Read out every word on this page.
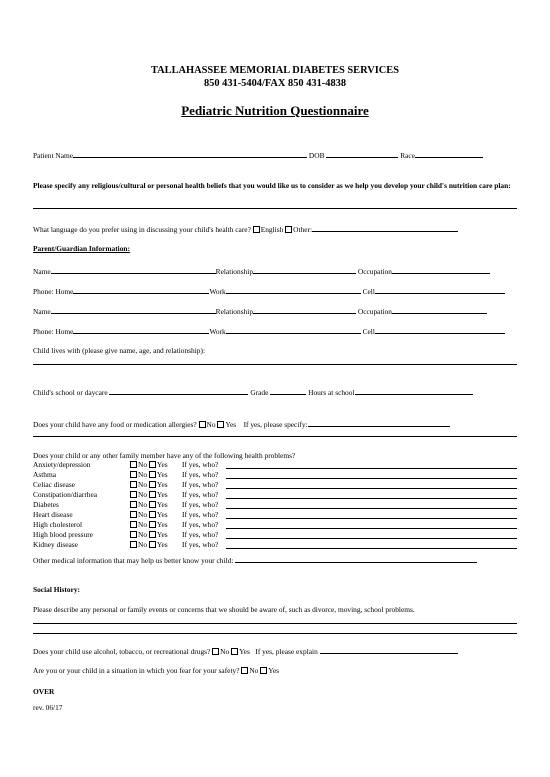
TALLAHASSEE MEMORIAL DIABETES SERVICES
850 431-5404/FAX 850 431-4838
Pediatric Nutrition Questionnaire
Patient Name	DOB	Race
Please specify any religious/cultural or personal health beliefs that you would like us to consider as we help you develop your child's nutrition care plan:
What language do you prefer using in discussing your child's health care? English Other:
Parent/Guardian Information:
Name	Relationship	Occupation
Phone: Home	Work	Cell
Name	Relationship	Occupation
Phone: Home	Work	Cell
Child lives with (please give name, age, and relationship):
Child's school or daycare	Grade	Hours at school
Does your child have any food or medication allergies? No Yes If yes, please specify:
Does your child or any other family member have any of the following health problems?
Anxiety/depression	No Yes If yes, who?
Asthma	No Yes If yes, who?
Celiac disease	No Yes If yes, who?
Constipation/diarrhea	No Yes If yes, who?
Diabetes	No Yes If yes, who?
Heart disease	No Yes If yes, who?
High cholesterol	No Yes If yes, who?
High blood pressure	No Yes If yes, who?
Kidney disease	No Yes If yes, who?
Other medical information that may help us better know your child:
Social History:
Please describe any personal or family events or concerns that we should be aware of, such as divorce, moving, school problems.
Does your child use alcohol, tobacco, or recreational drugs? No Yes If yes, please explain
Are you or your child in a situation in which you fear for your safety? No Yes
OVER
rev. 06/17
